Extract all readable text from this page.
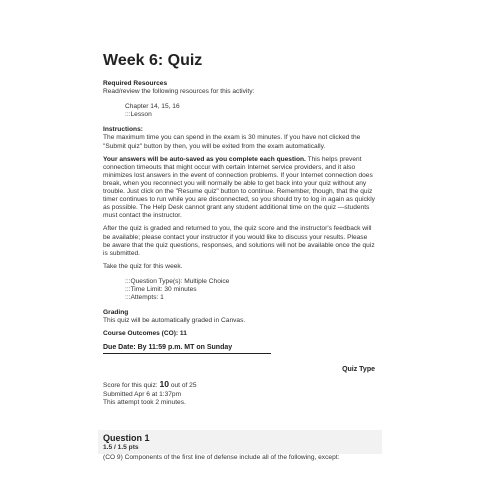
Week 6: Quiz
Required Resources
Read/review the following resources for this activity:
Chapter 14, 15, 16
:::Lesson
Instructions:
The maximum time you can spend in the exam is 30 minutes. If you have not clicked the "Submit quiz" button by then, you will be exited from the exam automatically.
Your answers will be auto-saved as you complete each question. This helps prevent connection timeouts that might occur with certain Internet service providers, and it also minimizes lost answers in the event of connection problems. If your Internet connection does break, when you reconnect you will normally be able to get back into your quiz without any trouble. Just click on the "Resume quiz" button to continue. Remember, though, that the quiz timer continues to run while you are disconnected, so you should try to log in again as quickly as possible. The Help Desk cannot grant any student additional time on the quiz —students must contact the instructor.
After the quiz is graded and returned to you, the quiz score and the instructor's feedback will be available; please contact your instructor if you would like to discuss your results. Please be aware that the quiz questions, responses, and solutions will not be available once the quiz is submitted.
Take the quiz for this week.
:::Question Type(s): Multiple Choice
:::Time Limit: 30 minutes
:::Attempts: 1
Grading
This quiz will be automatically graded in Canvas.
Course Outcomes (CO): 11
Due Date: By 11:59 p.m. MT on Sunday
Quiz Type
Score for this quiz: 10 out of 25
Submitted Apr 6 at 1:37pm
This attempt took 2 minutes.
Question 1
1.5 / 1.5 pts
(CO 9) Components of the first line of defense include all of the following, except:
